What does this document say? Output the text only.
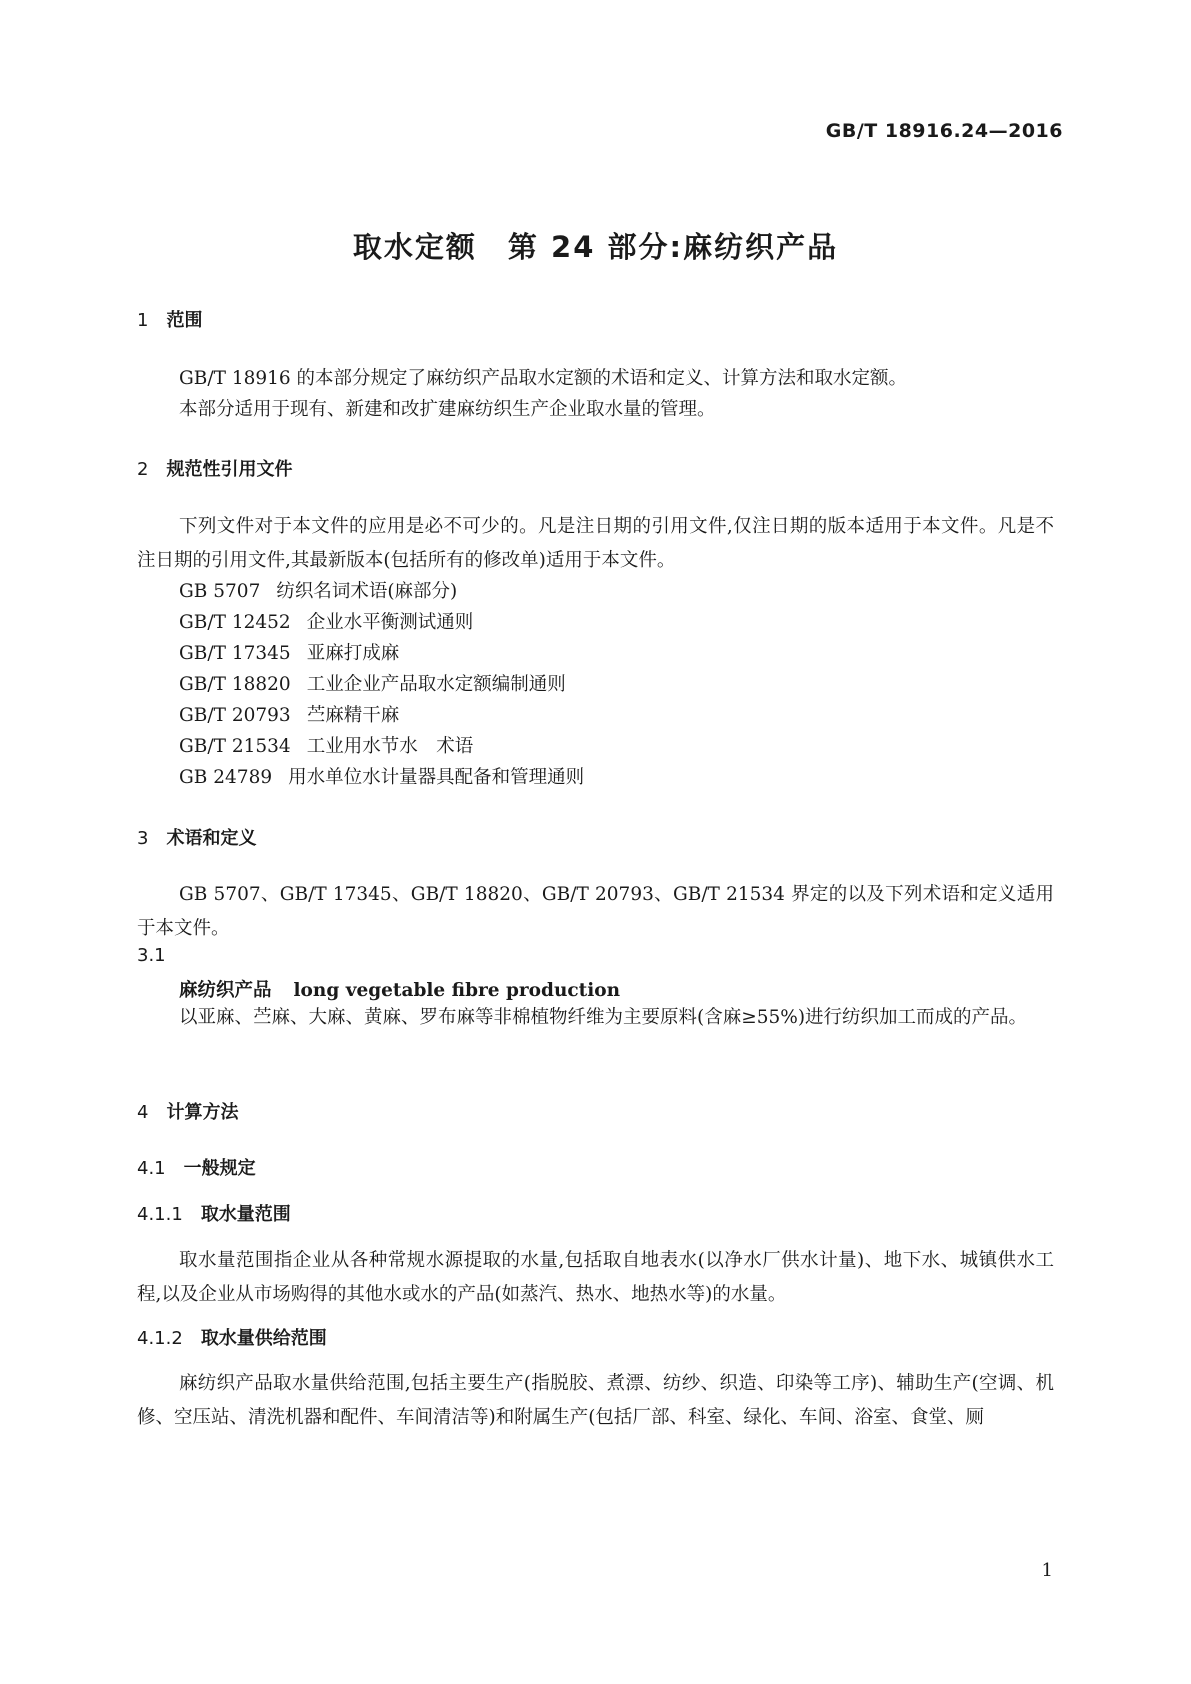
GB/T 18916.24—2016
取水定额　第 24 部分:麻纺织产品
1 范围
GB/T 18916 的本部分规定了麻纺织产品取水定额的术语和定义、计算方法和取水定额。
本部分适用于现有、新建和改扩建麻纺织生产企业取水量的管理。
2 规范性引用文件
下列文件对于本文件的应用是必不可少的。凡是注日期的引用文件,仅注日期的版本适用于本文件。凡是不注日期的引用文件,其最新版本(包括所有的修改单)适用于本文件。
GB 5707 纺织名词术语(麻部分)
GB/T 12452 企业水平衡测试通则
GB/T 17345 亚麻打成麻
GB/T 18820 工业企业产品取水定额编制通则
GB/T 20793 苎麻精干麻
GB/T 21534 工业用水节水　术语
GB 24789 用水单位水计量器具配备和管理通则
3 术语和定义
GB 5707、GB/T 17345、GB/T 18820、GB/T 20793、GB/T 21534 界定的以及下列术语和定义适用于本文件。
3.1
麻纺织产品 long vegetable fibre production
以亚麻、苎麻、大麻、黄麻、罗布麻等非棉植物纤维为主要原料(含麻≥55%)进行纺织加工而成的产品。
4 计算方法
4.1 一般规定
4.1.1 取水量范围
取水量范围指企业从各种常规水源提取的水量,包括取自地表水(以净水厂供水计量)、地下水、城镇供水工程,以及企业从市场购得的其他水或水的产品(如蒸汽、热水、地热水等)的水量。
4.1.2 取水量供给范围
麻纺织产品取水量供给范围,包括主要生产(指脱胶、煮漂、纺纱、织造、印染等工序)、辅助生产(空调、机修、空压站、清洗机器和配件、车间清洁等)和附属生产(包括厂部、科室、绿化、车间、浴室、食堂、厕
1
